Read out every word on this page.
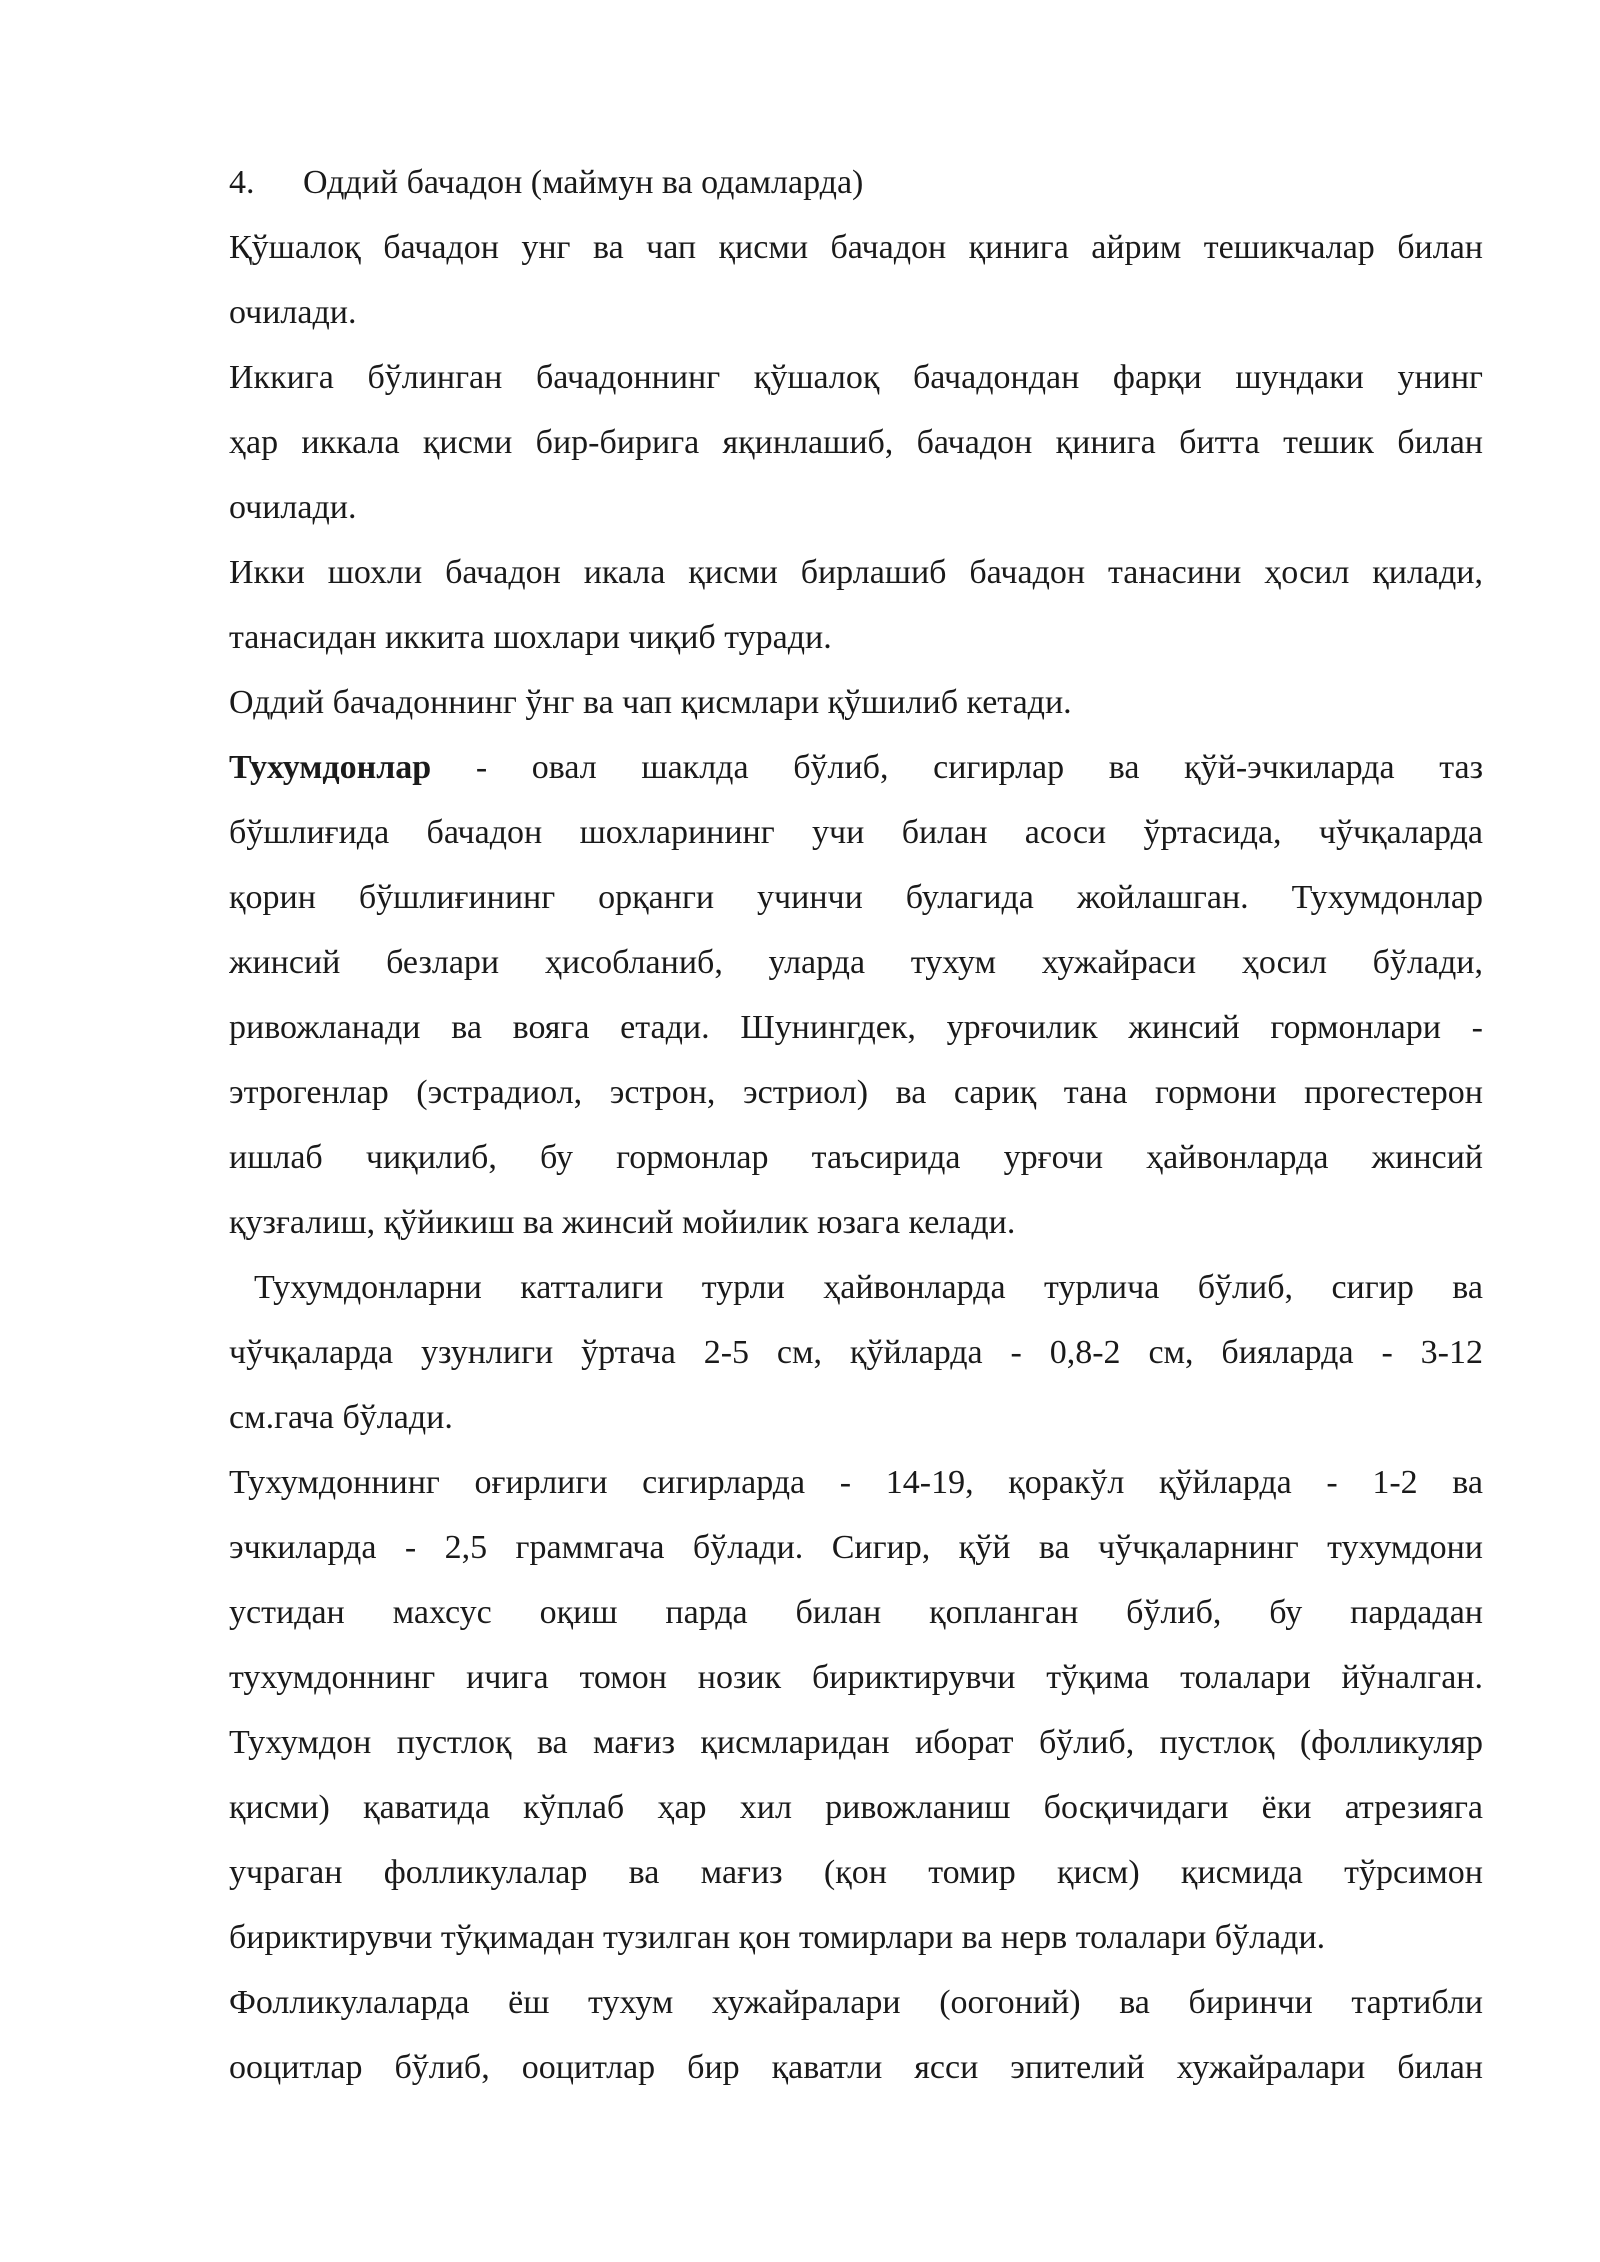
4. Оддий бачадон (маймун ва одамларда)
Қўшалоқ бачадон унг ва чап қисми бачадон қинига айрим тешикчалар билан
очилади.
Иккига бўлинган бачадоннинг қўшалоқ бачадондан фарқи шундаки унинг
ҳар иккала қисми бир-бирига яқинлашиб, бачадон қинига битта тешик билан
очилади.
Икки шохли бачадон икала қисми бирлашиб бачадон танасини ҳосил қилади,
танасидан иккита шохлари чиқиб туради.
Оддий бачадоннинг ўнг ва чап қисмлари қўшилиб кетади.
Тухумдонлар - овал шаклда бўлиб, сигирлар ва қўй-эчкиларда таз
бўшлиғида бачадон шохларининг учи билан асоси ўртасида, чўчқаларда
қорин бўшлиғининг орқанги учинчи булагида жойлашган. Тухумдонлар
жинсий безлари ҳисобланиб, уларда тухум хужайраси ҳосил бўлади,
ривожланади ва вояга етади. Шунингдек, урғочилик жинсий гормонлари -
этрогенлар (эстрадиол, эстрон, эстриол) ва сариқ тана гормони прогестерон
ишлаб чиқилиб, бу гормонлар таъсирида урғочи ҳайвонларда жинсий
қузғалиш, қўйикиш ва жинсий мойилик юзага келади.
Тухумдонларни катталиги турли ҳайвонларда турлича бўлиб, сигир ва
чўчқаларда узунлиги ўртача 2-5 см, қўйларда - 0,8-2 см, бияларда - 3-12
см.гача бўлади.
Тухумдоннинг оғирлиги сигирларда - 14-19, қоракўл қўйларда - 1-2 ва
эчкиларда - 2,5 граммгача бўлади. Сигир, қўй ва чўчқаларнинг тухумдони
устидан махсус оқиш парда билан қопланган бўлиб, бу пардадан
тухумдоннинг ичига томон нозик бириктирувчи тўқима толалари йўналган.
Тухумдон пустлоқ ва мағиз қисмларидан иборат бўлиб, пустлоқ (фолликуляр
қисми) қаватида кўплаб ҳар хил ривожланиш босқичидаги ёки атрезияга
учраган фолликулалар ва мағиз (қон томир қисм) қисмида тўрсимон
бириктирувчи тўқимадан тузилган қон томирлари ва нерв толалари бўлади.
Фолликулаларда ёш тухум хужайралари (оогоний) ва биринчи тартибли
ооцитлар бўлиб, ооцитлар бир қаватли ясси эпителий хужайралари билан
